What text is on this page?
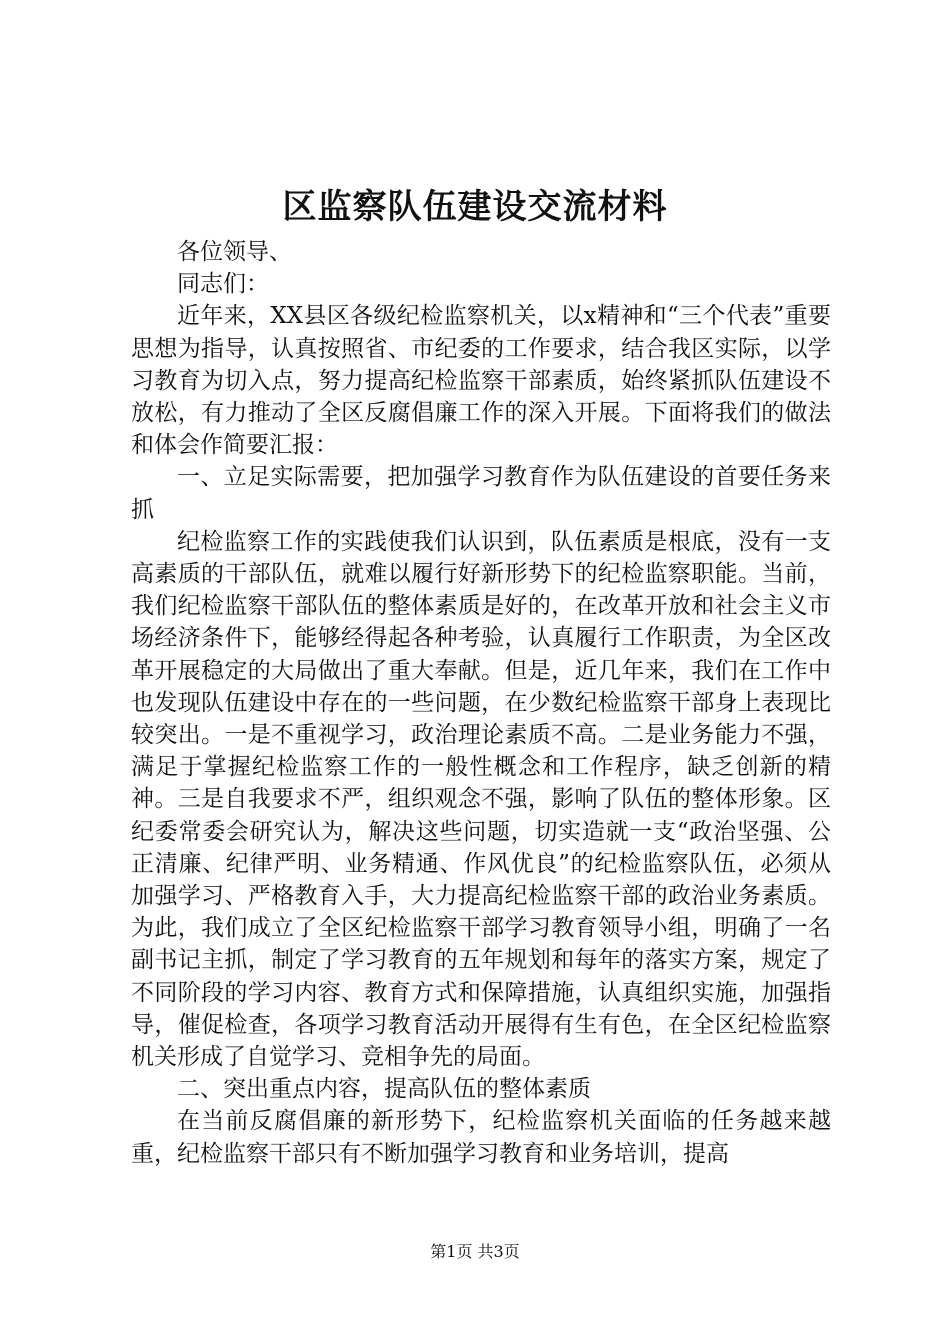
区监察队伍建设交流材料

各位领导、

同志们：

近年来，XX县区各级纪检监察机关，以x精神和“三个代表”重要思想为指导，认真按照省、市纪委的工作要求，结合我区实际，以学习教育为切入点，努力提高纪检监察干部素质，始终紧抓队伍建设不放松，有力推动了全区反腐倡廉工作的深入开展。下面将我们的做法和体会作简要汇报：

一、立足实际需要，把加强学习教育作为队伍建设的首要任务来抓

纪检监察工作的实践使我们认识到，队伍素质是根底，没有一支高素质的干部队伍，就难以履行好新形势下的纪检监察职能。当前，我们纪检监察干部队伍的整体素质是好的，在改革开放和社会主义市场经济条件下，能够经得起各种考验，认真履行工作职责，为全区改革开展稳定的大局做出了重大奉献。但是，近几年来，我们在工作中也发现队伍建设中存在的一些问题，在少数纪检监察干部身上表现比较突出。一是不重视学习，政治理论素质不高。二是业务能力不强，满足于掌握纪检监察工作的一般性概念和工作程序，缺乏创新的精神。三是自我要求不严，组织观念不强，影响了队伍的整体形象。区纪委常委会研究认为，解决这些问题，切实造就一支“政治坚强、公正清廉、纪律严明、业务精通、作风优良”的纪检监察队伍，必须从加强学习、严格教育入手，大力提高纪检监察干部的政治业务素质。为此，我们成立了全区纪检监察干部学习教育领导小组，明确了一名副书记主抓，制定了学习教育的五年规划和每年的落实方案，规定了不同阶段的学习内容、教育方式和保障措施，认真组织实施，加强指导，催促检查，各项学习教育活动开展得有生有色，在全区纪检监察机关形成了自觉学习、竞相争先的局面。

二、突出重点内容，提高队伍的整体素质

在当前反腐倡廉的新形势下，纪检监察机关面临的任务越来越重，纪检监察干部只有不断加强学习教育和业务培训，提高

第1页 共3页
